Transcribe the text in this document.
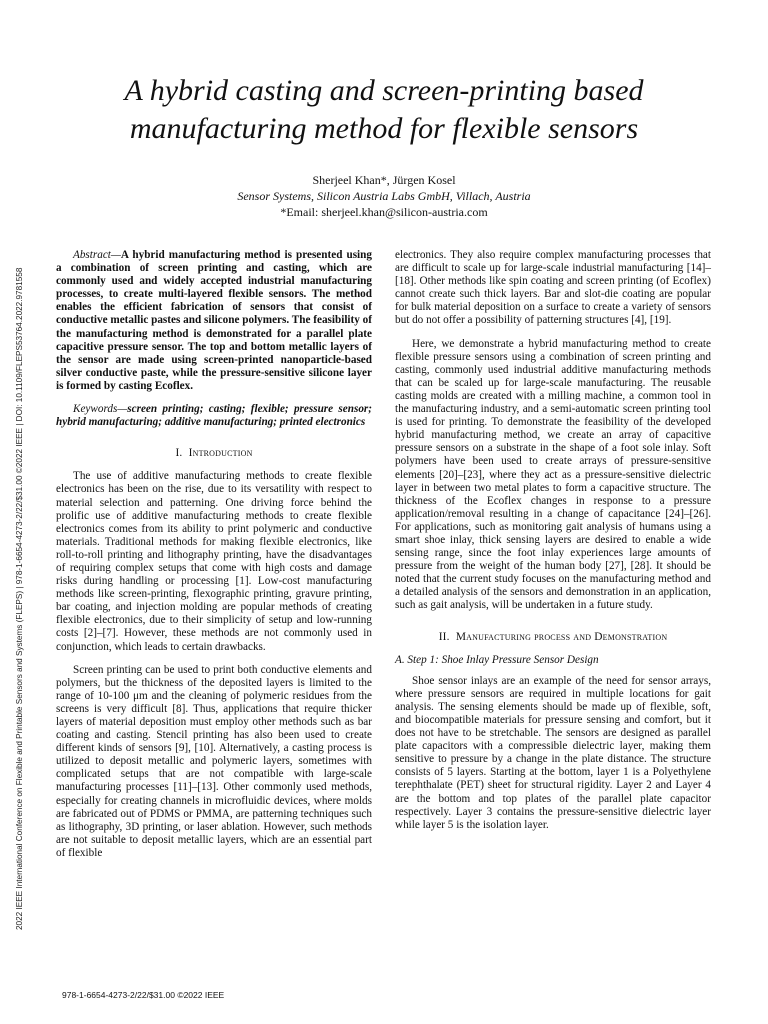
2022 IEEE International Conference on Flexible and Printable Sensors and Systems (FLEPS) | 978-1-6654-4273-2/22/$31.00 ©2022 IEEE | DOI: 10.1109/FLEPS53764.2022.9781558
A hybrid casting and screen-printing based
manufacturing method for flexible sensors
Sherjeel Khan*, Jürgen Kosel
Sensor Systems, Silicon Austria Labs GmbH, Villach, Austria
*Email: sherjeel.khan@silicon-austria.com

Abstract—A hybrid manufacturing method is presented using a combination of screen printing and casting, which are commonly used and widely accepted industrial manufacturing processes, to create multi-layered flexible sensors. The method enables the efficient fabrication of sensors that consist of conductive metallic pastes and silicone polymers. The feasibility of the manufacturing method is demonstrated for a parallel plate capacitive pressure sensor. The top and bottom metallic layers of the sensor are made using screen-printed nanoparticle-based silver conductive paste, while the pressure-sensitive silicone layer is formed by casting Ecoflex.

Keywords—screen printing; casting; flexible; pressure sensor; hybrid manufacturing; additive manufacturing; printed electronics

I. Introduction

The use of additive manufacturing methods to create flexible electronics has been on the rise, due to its versatility with respect to material selection and patterning. One driving force behind the prolific use of additive manufacturing methods to create flexible electronics comes from its ability to print polymeric and conductive materials. Traditional methods for making flexible electronics, like roll-to-roll printing and lithography printing, have the disadvantages of requiring complex setups that come with high costs and damage risks during handling or processing [1]. Low-cost manufacturing methods like screen-printing, flexographic printing, gravure printing, bar coating, and injection molding are popular methods of creating flexible electronics, due to their simplicity of setup and low-running costs [2]–[7]. However, these methods are not commonly used in conjunction, which leads to certain drawbacks.

Screen printing can be used to print both conductive elements and polymers, but the thickness of the deposited layers is limited to the range of 10-100 μm and the cleaning of polymeric residues from the screens is very difficult [8]. Thus, applications that require thicker layers of material deposition must employ other methods such as bar coating and casting. Stencil printing has also been used to create different kinds of sensors [9], [10]. Alternatively, a casting process is utilized to deposit metallic and polymeric layers, sometimes with complicated setups that are not compatible with large-scale manufacturing processes [11]–[13]. Other commonly used methods, especially for creating channels in microfluidic devices, where molds are fabricated out of PDMS or PMMA, are patterning techniques such as lithography, 3D printing, or laser ablation. However, such methods are not suitable to deposit metallic layers, which are an essential part of flexible

electronics. They also require complex manufacturing processes that are difficult to scale up for large-scale industrial manufacturing [14]–[18]. Other methods like spin coating and screen printing (of Ecoflex) cannot create such thick layers. Bar and slot-die coating are popular for bulk material deposition on a surface to create a variety of sensors but do not offer a possibility of patterning structures [4], [19].

Here, we demonstrate a hybrid manufacturing method to create flexible pressure sensors using a combination of screen printing and casting, commonly used industrial additive manufacturing methods that can be scaled up for large-scale manufacturing. The reusable casting molds are created with a milling machine, a common tool in the manufacturing industry, and a semi-automatic screen printing tool is used for printing. To demonstrate the feasibility of the developed hybrid manufacturing method, we create an array of capacitive pressure sensors on a substrate in the shape of a foot sole inlay. Soft polymers have been used to create arrays of pressure-sensitive elements [20]–[23], where they act as a pressure-sensitive dielectric layer in between two metal plates to form a capacitive structure. The thickness of the Ecoflex changes in response to a pressure application/removal resulting in a change of capacitance [24]–[26]. For applications, such as monitoring gait analysis of humans using a smart shoe inlay, thick sensing layers are desired to enable a wide sensing range, since the foot inlay experiences large amounts of pressure from the weight of the human body [27], [28]. It should be noted that the current study focuses on the manufacturing method and a detailed analysis of the sensors and demonstration in an application, such as gait analysis, will be undertaken in a future study.

II. Manufacturing process and Demonstration
A. Step 1: Shoe Inlay Pressure Sensor Design

Shoe sensor inlays are an example of the need for sensor arrays, where pressure sensors are required in multiple locations for gait analysis. The sensing elements should be made up of flexible, soft, and biocompatible materials for pressure sensing and comfort, but it does not have to be stretchable. The sensors are designed as parallel plate capacitors with a compressible dielectric layer, making them sensitive to pressure by a change in the plate distance. The structure consists of 5 layers. Starting at the bottom, layer 1 is a Polyethylene terephthalate (PET) sheet for structural rigidity. Layer 2 and Layer 4 are the bottom and top plates of the parallel plate capacitor respectively. Layer 3 contains the pressure-sensitive dielectric layer while layer 5 is the isolation layer.

978-1-6654-4273-2/22/$31.00 ©2022 IEEE
